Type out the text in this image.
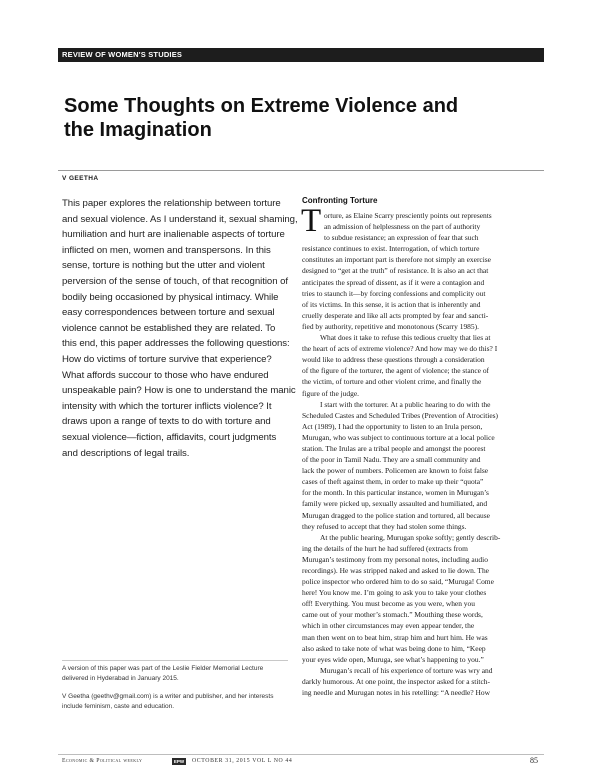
REVIEW OF WOMEN'S STUDIES
Some Thoughts on Extreme Violence and
the Imagination
V GEETHA
This paper explores the relationship between torture
and sexual violence. As I understand it, sexual shaming,
humiliation and hurt are inalienable aspects of torture
inflicted on men, women and transpersons. In this
sense, torture is nothing but the utter and violent
perversion of the sense of touch, of that recognition of
bodily being occasioned by physical intimacy. While
easy correspondences between torture and sexual
violence cannot be established they are related. To
this end, this paper addresses the following questions:
How do victims of torture survive that experience?
What affords succour to those who have endured
unspeakable pain? How is one to understand the manic
intensity with which the torturer inflicts violence? It
draws upon a range of texts to do with torture and
sexual violence—fiction, affidavits, court judgments
and descriptions of legal trails.
A version of this paper was part of the Leslie Fielder Memorial Lecture
delivered in Hyderabad in January 2015.
V Geetha (geethv@gmail.com) is a writer and publisher, and her interests
include feminism, caste and education.
Confronting Torture
T orture, as Elaine Scarry presciently points out represents
an admission of helplessness on the part of authority
to subdue resistance; an expression of fear that such
resistance continues to exist. Interrogation, of which torture
constitutes an important part is therefore not simply an exercise
designed to “get at the truth” of resistance. It is also an act that
anticipates the spread of dissent, as if it were a contagion and
tries to staunch it—by forcing confessions and complicity out
of its victims. In this sense, it is action that is inherently and
cruelly desperate and like all acts prompted by fear and sancti-
fied by authority, repetitive and monotonous (Scarry 1985).
What does it take to refuse this tedious cruelty that lies at
the heart of acts of extreme violence? And how may we do this? I
would like to address these questions through a consideration
of the figure of the torturer, the agent of violence; the stance of
the victim, of torture and other violent crime, and finally the
figure of the judge.
I start with the torturer. At a public hearing to do with the
Scheduled Castes and Scheduled Tribes (Prevention of Atrocities)
Act (1989), I had the opportunity to listen to an Irula person,
Murugan, who was subject to continuous torture at a local police
station. The Irulas are a tribal people and amongst the poorest
of the poor in Tamil Nadu. They are a small community and
lack the power of numbers. Policemen are known to foist false
cases of theft against them, in order to make up their “quota”
for the month. In this particular instance, women in Murugan’s
family were picked up, sexually assaulted and humiliated, and
Murugan dragged to the police station and tortured, all because
they refused to accept that they had stolen some things.
At the public hearing, Murugan spoke softly; gently describ-
ing the details of the hurt he had suffered (extracts from
Murugan’s testimony from my personal notes, including audio
recordings). He was stripped naked and asked to lie down. The
police inspector who ordered him to do so said, “Muruga! Come
here! You know me. I’m going to ask you to take your clothes
off! Everything. You must become as you were, when you
came out of your mother’s stomach.” Mouthing these words,
which in other circumstances may even appear tender, the
man then went on to beat him, strap him and hurt him. He was
also asked to take note of what was being done to him, “Keep
your eyes wide open, Muruga, see what’s happening to you.”
Murugan’s recall of his experience of torture was wry and
darkly humorous. At one point, the inspector asked for a stitch-
ing needle and Murugan notes in his retelling: “A needle? How
Economic & Political weekly	EPW	OCTOBER 31, 2015 VOL L NO 44	85
